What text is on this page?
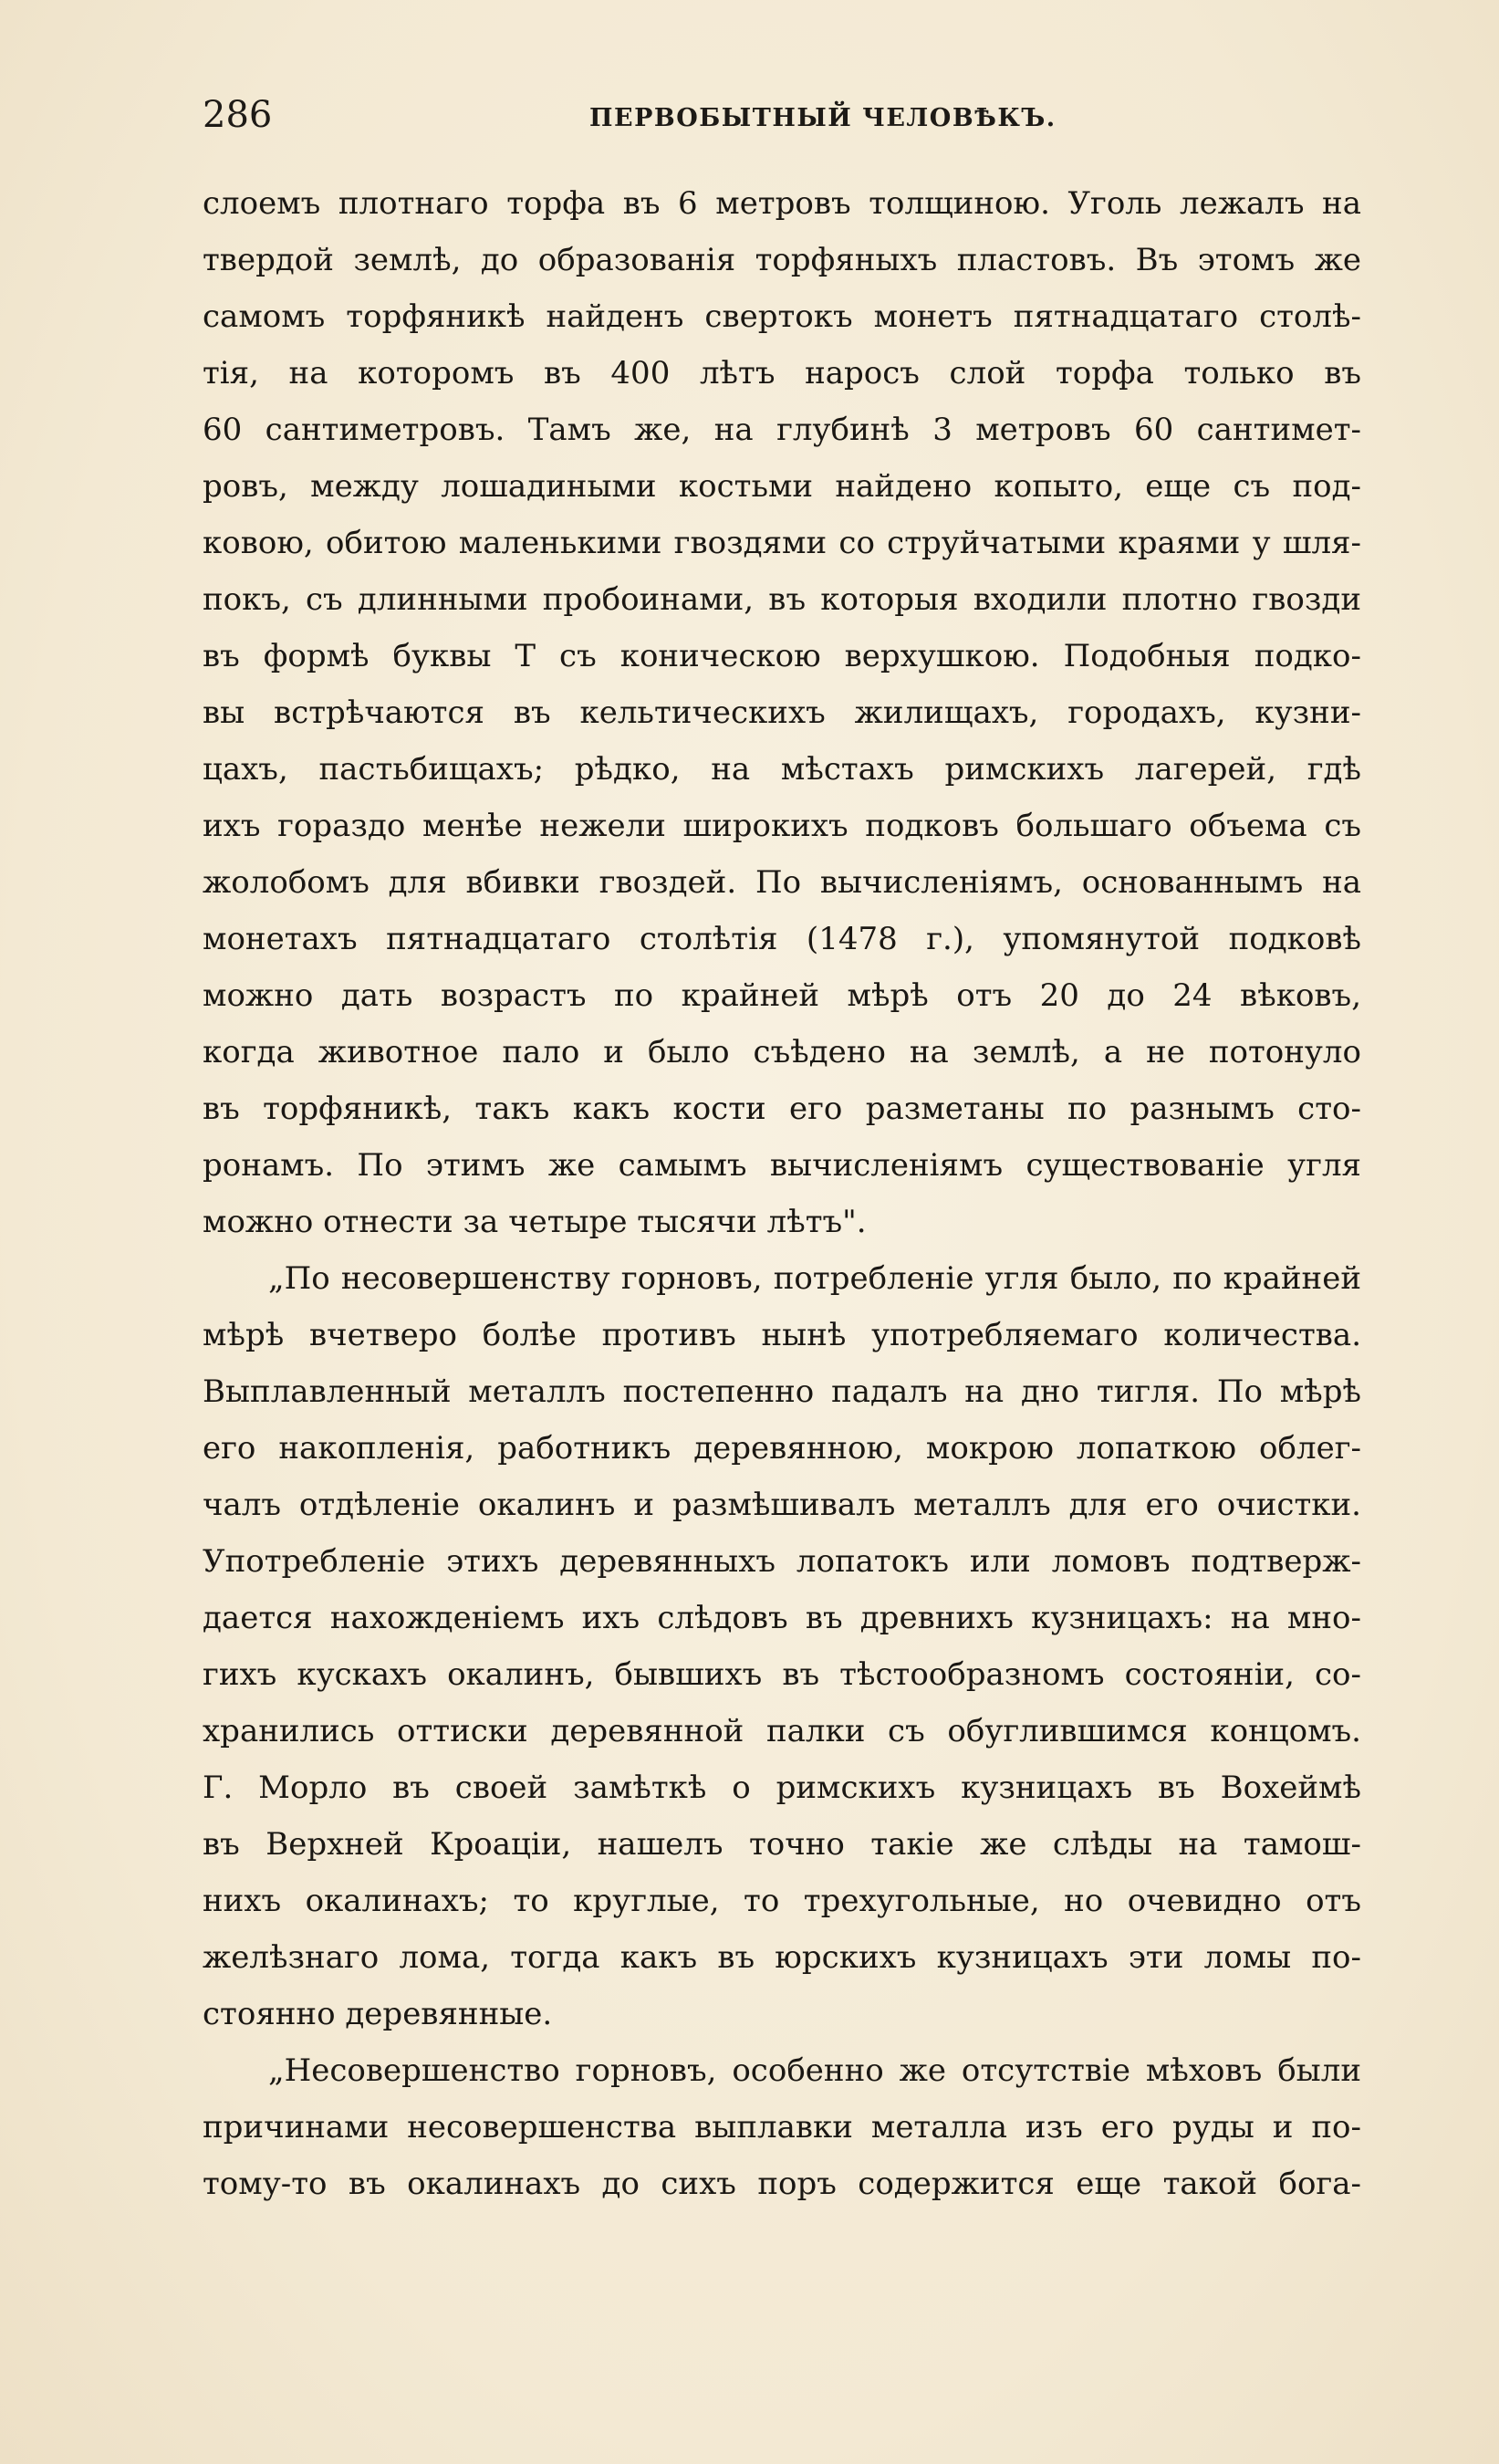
286	ПЕРВОБЫТНЫЙ ЧЕЛОВѢКЪ.
слоемъ плотнаго торфа въ 6 метровъ толщиною. Уголь лежалъ на
твердой землѣ, до образованія торфяныхъ пластовъ. Въ этомъ же
самомъ торфяникѣ найденъ свертокъ монетъ пятнадцатаго столѣ-
тія, на которомъ въ 400 лѣтъ наросъ слой торфа только въ
60 сантиметровъ. Тамъ же, на глубинѣ 3 метровъ 60 сантимет-
ровъ, между лошадиными костьми найдено копыто, еще съ под-
ковою, обитою маленькими гвоздями со струйчатыми краями у шля-
покъ, съ длинными пробоинами, въ которыя входили плотно гвозди
въ формѣ буквы Т съ коническою верхушкою. Подобныя подко-
вы встрѣчаются въ кельтическихъ жилищахъ, городахъ, кузни-
цахъ, пастьбищахъ; рѣдко, на мѣстахъ римскихъ лагерей, гдѣ
ихъ гораздо менѣе нежели широкихъ подковъ большаго объема съ
жолобомъ для вбивки гвоздей. По вычисленіямъ, основаннымъ на
монетахъ пятнадцатаго столѣтія (1478 г.), упомянутой подковѣ
можно дать возрастъ по крайней мѣрѣ отъ 20 до 24 вѣковъ,
когда животное пало и было съѣдено на землѣ, а не потонуло
въ торфяникѣ, такъ какъ кости его разметаны по разнымъ сто-
ронамъ. По этимъ же самымъ вычисленіямъ существованіе угля
можно отнести за четыре тысячи лѣтъ".
„По несовершенству горновъ, потребленіе угля было, по крайней
мѣрѣ вчетверо болѣе противъ нынѣ употребляемаго количества.
Выплавленный металлъ постепенно падалъ на дно тигля. По мѣрѣ
его накопленія, работникъ деревянною, мокрою лопаткою облег-
чалъ отдѣленіе окалинъ и размѣшивалъ металлъ для его очистки.
Употребленіе этихъ деревянныхъ лопатокъ или ломовъ подтверж-
дается нахожденіемъ ихъ слѣдовъ въ древнихъ кузницахъ: на мно-
гихъ кускахъ окалинъ, бывшихъ въ тѣстообразномъ состояніи, со-
хранились оттиски деревянной палки съ обуглившимся концомъ.
Г. Морло въ своей замѣткѣ о римскихъ кузницахъ въ Вохеймѣ
въ Верхней Кроаціи, нашелъ точно такіе же слѣды на тамош-
нихъ окалинахъ; то круглые, то трехугольные, но очевидно отъ
желѣзнаго лома, тогда какъ въ юрскихъ кузницахъ эти ломы по-
стоянно деревянные.
„Несовершенство горновъ, особенно же отсутствіе мѣховъ были
причинами несовершенства выплавки металла изъ его руды и по-
тому-то въ окалинахъ до сихъ поръ содержится еще такой бога-
